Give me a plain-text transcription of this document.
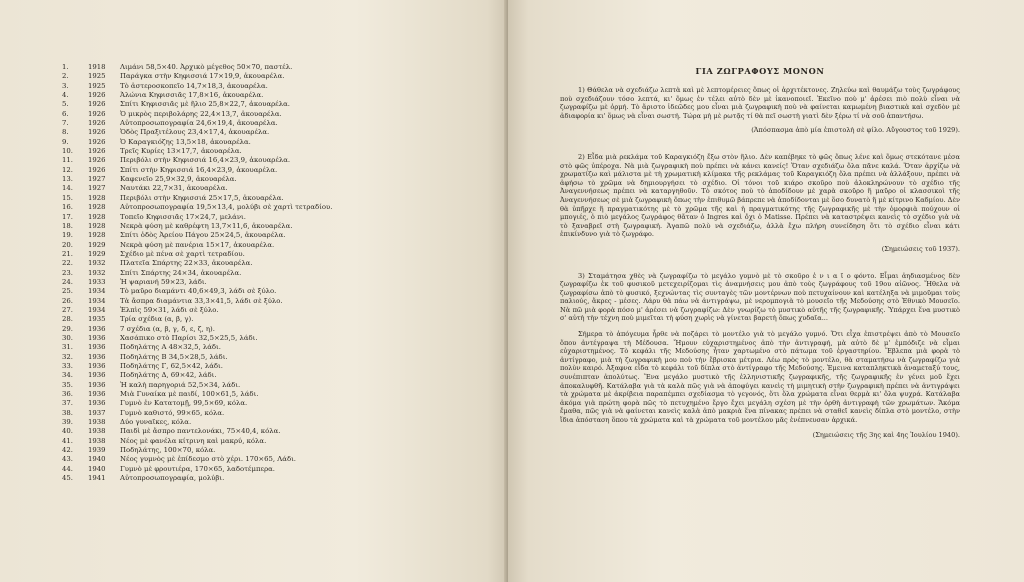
1.	1918 Λιμάνι 58,5×40. Ἀρχικὸ μέγεθος 50×70, παστέλ.
2.	1925 Παράγκα στὴν Κηφισσιά 17×19,9, ἀκουαρέλα.
3.	1925 Τὸ ἀστεροσκοπεῖο 14,7×18,3, ἀκουαρέλα.
4.	1926 Ἁλώνια Κηφισσιᾶς 17,8×16, ἀκουαρέλα.
5.	1926 Σπίτι Κηφισσιᾶς μὲ ἥλιο 25,8×22,7, ἀκουαρέλα.
6.	1926 Ὁ μικρὸς περιβολάρης 22,4×13,7, ἀκουαρέλα.
7.	1926 Αὐτοπροσωπογραφία 24,6×19,4, ἀκουαρέλα.
8.	1926 Ὁδὸς Πραξιτέλους 23,4×17,4, ἀκουαρέλα.
9.	1926 Ὁ Καραγκιόζης 13,5×18, ἀκουαρέλα.
10.	1926 Τρεῖς Κυρίες 13×17,7, ἀκουαρέλα.
11.	1926 Περιβόλι στὴν Κηφισσιά 16,4×23,9, ἀκουαρέλα.
12.	1926 Σπίτι στὴν Κηφισσιά 16,4×23,9, ἀκουαρέλα.
13.	1927 Καφενεῖο 25,9×32,9, ἀκουαρέλα.
14.	1927 Ναυτάκι 22,7×31, ἀκουαρέλα.
15.	1928 Περιβόλι στὴν Κηφισσιά 25×17,5, ἀκουαρέλα.
16.	1928 Αὐτοπροσωπογραφία 19,5×13,4, μολύβι σὲ χαρτὶ τετραδίου.
17.	1928 Τοπεῖο Κηφισσιᾶς 17×24,7, μελάνι.
18.	1928 Νεκρὰ φύση μὲ καθρέφτη 13,7×11,6, ἀκουαρέλα.
19.	1928 Σπίτι ὁδὸς Ἀρείου Πάγου 25×24,5, ἀκουαρέλα.
20.	1929 Νεκρὰ φύση μὲ πανέρια 15×17, ἀκουαρέλα.
21.	1929 Σχέδιο μὲ πένα σὲ χαρτὶ τετραδίου.
22.	1932 Πλατεῖα Σπάρτης 22×33, ἀκουαρέλα.
23.	1932 Σπίτι Σπάρτης 24×34, ἀκουαρέλα.
24.	1933 Ἡ ψαριανή 59×23, λάδι.
25.	1934 Τὸ μαῦρο διαμάντι 40,6×49,3, λάδι σὲ ξύλο.
26.	1934 Τὰ ἄσπρα διαμάντια 33,3×41,5, λάδι σὲ ξύλο.
27.	1934 Ἐλπὶς 59×31, λάδι σὲ ξύλο.
28.	1935 Τρία σχέδια (α, β, γ).
29.	1936 7 σχέδια (α, β, γ, δ, ε, ζ, η).
30.	1936 Χασάπικο στὸ Παρίσι 32,5×25,5, λάδι.
31.	1936 Ποδηλάτης Α 48×32,5, λάδι.
32.	1936 Ποδηλάτης Β 34,5×28,5, λάδι.
33.	1936 Ποδηλάτης Γ, 62,5×42, λάδι.
34.	1936 Ποδηλάτης Δ, 69×42, λάδι.
35.	1936 Ἡ καλὴ παρηγοριά 52,5×34, λάδι.
36.	1936 Μιὰ Γυναίκα μὲ παιδί, 100×61,5, λάδι.
37.	1936 Γυμνὸ ἐν Κατατομῇ, 99,5×69, κόλα.
38.	1937 Γυμνὸ καθιστό, 99×65, κόλα.
39.	1938 Δύο γυναῖκες, κόλα.
40.	1938 Παιδὶ μὲ ἄσπρο παντελονάκι, 75×40,4, κόλα.
41.	1938 Νέος μὲ φανέλα κίτρινη καὶ μακρύ, κόλα.
42.	1939 Ποδηλάτης, 100×70, κόλα.
43.	1940 Νέος γυμνὸς μὲ ἐπίδεσμο στὸ χέρι. 170×65, Λάδι.
44.	1940 Γυμνὸ μὲ φρουτιέρα, 170×65, λαδοτέμπερα.
45.	1941 Αὐτοπροσωπογραφία, μολύβι.
ΓΙΑ ΖΩΓΡΑΦΟΥΣ ΜΟΝΟΝ

1) Θάθελα νὰ σχεδιάζω λεπτὰ καὶ μὲ λεπτομέρειες ὅπως οἱ ἀρχιτέκτονες. Ζηλεύω καὶ θαυμάζω τοὺς ζωγράφους ποὺ σχεδιάζουν τόσο λεπτά, κι' ὅμως ἐν τέλει αὐτὸ δὲν μὲ ἱκανοποιεῖ. Ἐκεῖνο ποὺ μ' ἀρέσει πιὸ πολὺ εἶναι νὰ ζωγραφίζω μὲ ὁρμή. Τὸ ἄριστο ἰδεῶδες μου εἶναι μιὰ ζωγραφικὴ ποὺ νὰ φαίνεται καμωμένη βιαστικὰ καὶ σχεδὸν μὲ ἀδιαφορία κι' ὅμως νὰ εἶναι σωστή. Τώρα μὴ μὲ ρωτᾷς τί θὰ πεῖ σωστὴ γιατὶ δὲν ξέρω τί νὰ σοῦ ἀπαντήσω.

(Ἀπόσπασμα ἀπὸ μία ἐπιστολὴ σὲ φίλο. Αὔγουστος τοῦ 1929).

2) Εἶδα μιὰ ρεκλάμα τοῦ Καραγκιόζη ἔξω στὸν ἥλιο. Δὲν καπέβηκε τὸ φῶς ὅπως λένε καὶ ὅμως στεκότανε μέσα στὸ φῶς ὑπέροχα. Νὰ μιὰ ζωγραφικὴ ποὺ πρέπει νὰ κάνει κανείς! Ὅταν σχεδιάζω ὅλα πᾶνε καλά. Ὅταν ἀρχίζω νὰ χρωματίζω καὶ μάλιστα μὲ τὴ χρωματικὴ κλίμακα τῆς ρεκλάμας τοῦ Καραγκιόζη ὅλα πρέπει νὰ ἀλλάξουν, πρέπει νὰ ἀφήσω τὸ χρῶμα νὰ δημιουργήσει τὸ σχέδιο. Οἱ τόνοι τοῦ κιάρο σκοῦρο ποὺ ἀλοκληρώνουν τὸ σχέδιο τῆς Ἀναγεννήσεως πρέπει νὰ καταργηθοῦν. Τὸ σκότος ποὺ τὸ ἀποδίδουν μὲ χαρὰ σκοῦρο ἢ μαῦρο οἱ κλασσικοὶ τῆς Ἀναγεννήσεως σὲ μιὰ ζωγραφικὴ ὅπως τὴν ἐπιθυμῶ βάπρεπε νὰ ἀποδίδονται μὲ ὅσο δυνατὸ ἢ μὲ κίτρινο Καδμίου. Δὲν θὰ ὑπῆρχε ἢ πραγματικότης μὲ τὸ χρῶμα τῆς καὶ ἡ πραγματικότης τῆς ζωγραφικῆς μὲ τὴν ὁμορφιὰ πούχουν οἱ μπογιές, ὁ πιὸ μεγάλος ζωγράφος θἄταν ὁ Ingres καὶ ὄχι ὁ Matisse. Πρέπει νὰ καταστρέψει κανεὶς τὸ σχέδιο γιὰ νὰ τὸ ξαναβρεῖ στὴ ζωγραφική. Ἀγαπῶ πολὺ νὰ σχεδιάζω, ἀλλὰ ἔχω πλήρη συνείδηση ὅτι τὸ σχέδιο εἶναι κάτι ἐπικίνδυνο γιὰ τὸ ζωγράφο.

(Σημειώσεις τοῦ 1937).

3) Σταμάτησα χθὲς νὰ ζωγραφίζω τὸ μεγάλο γυμνὸ μὲ τὸ σκοῦρο ἐ ν ι α ῖ ο φόντο. Εἶμαι ἀηδιασμένος δὲν ζωγραφίζω ἐκ τοῦ φυσικοῦ μετεχειρίζομαι τὶς ἀναμνήσεις μου ἀπὸ τοὺς ζωγράφους τοῦ 19ου αἰῶνος. Ἤθελα νὰ ζωγραφίσω ἀπὸ τὸ φυσικό, ξεχνώντας τὶς συνταγὲς τῶν μοντέρνων ποὺ πετυχαίνουν καὶ κατέληξα νὰ μιμοῦμαι τοὺς παλιούς, ἄκρες - μέσες. Λάρυ θὰ πάω νὰ ἀντιγράψω, μὲ νερομπογιὰ τὸ μουσεῖο τῆς Μεδούσης στὸ Ἐθνικὸ Μουσεῖο. Νὰ πῶ μιὰ φορὰ πόσο μ' ἀρέσει νὰ ζωγραφίζω: Δὲν γνωρίζω τὸ μυστικὸ αὐτῆς τῆς ζωγραφικῆς. Ὑπάρχει ἕνα μυστικὸ σ' αὐτὴ τὴν τέχνη ποὺ μιμεῖται τὴ φύση χωρὶς νὰ γίνεται βαρετὴ ὅπως χυδαῖα...

Σήμερα τὸ ἀπόγευμα ἦρθε νὰ ποζάρει τὸ μοντέλο γιὰ τὸ μεγάλο γυμνό. Ὅτι εἶχα ἐπιστρέψει ἀπὸ τὸ Μουσεῖο ὅπου ἀντέγραψα τὴ Μέδουσα. Ἤμουν εὐχαριστημένος ἀπὸ τὴν ἀντιγραφή, μὰ αὐτὸ δὲ μ' ἐμπόδιζε νὰ εἶμαι εὐχαριστημένος. Τὸ κεφάλι τῆς Μεδούσης ἦταν χαρτωμένο στὸ πάτωμα τοῦ ἐργαστηρίου. Ἔβλεπα μιὰ φορὰ τὸ ἀντίγραφο, μιὰ τὴ ζωγραφικὴ μου ποὺ τὴν ἔβρισκα μέτρια. Λέω πρὸς τὸ μοντέλο, θὰ σταματήσω νὰ ζωγραφίζω γιὰ πολὺν καιρό. Ἀξαφνα εἶδα τὸ κεφάλι τοῦ δίπλα στὸ ἀντίγραφο τῆς Μεδούσης. Ἐμεινα καταπληκτικὰ ἀναμεταξύ τους, συνέπιπταν ἀπολύτως. Ἕνα μεγάλο μυστικὸ τῆς ἑλληνιστικῆς ζωγραφικῆς, τῆς ζωγραφικῆς ἐν γένει μοῦ ἔχει ἀποκαλυφθῆ. Κατάλαβα γιὰ τὰ καλὰ πῶς γιὰ νὰ ἀποφύγει κανεὶς τὴ μιμητικὴ στὴν ζωγραφικὴ πρέπει νὰ ἀντιγράψει τὰ χρώματα μὲ ἀκρίβεια παραπέμπει σχεδίασμα τὸ γεγονός, ὅτι ὅλα χρώματα εἶναι θερμὰ κι' ὅλα ψυχρά. Κατάλαβα ἀκόμα γιὰ πρώτη φορὰ πῶς τὸ πετυχημένο ἔργο ἔχει μεγάλη σχέση μὲ τὴν ὀρθὴ ἀντιγραφὴ τῶν χρωμάτων. Ἄκόμα ἔμαθα, πῶς γιὰ νὰ φαίνεται κανεὶς καλὰ ἀπὸ μακριὰ ἕνα πίνακας πρέπει νὰ σταθεῖ κανεὶς δίπλα στὸ μοντέλο, στὴν ἴδια ἀπόσταση ὅπου τὰ χρώματα καὶ τὰ χρώματα τοῦ μοντέλου μᾶς ἐνέπνευσαν ἀρχικά.

(Σημειώσεις τῆς 3ης καὶ 4ης Ἰουλίου 1940).
